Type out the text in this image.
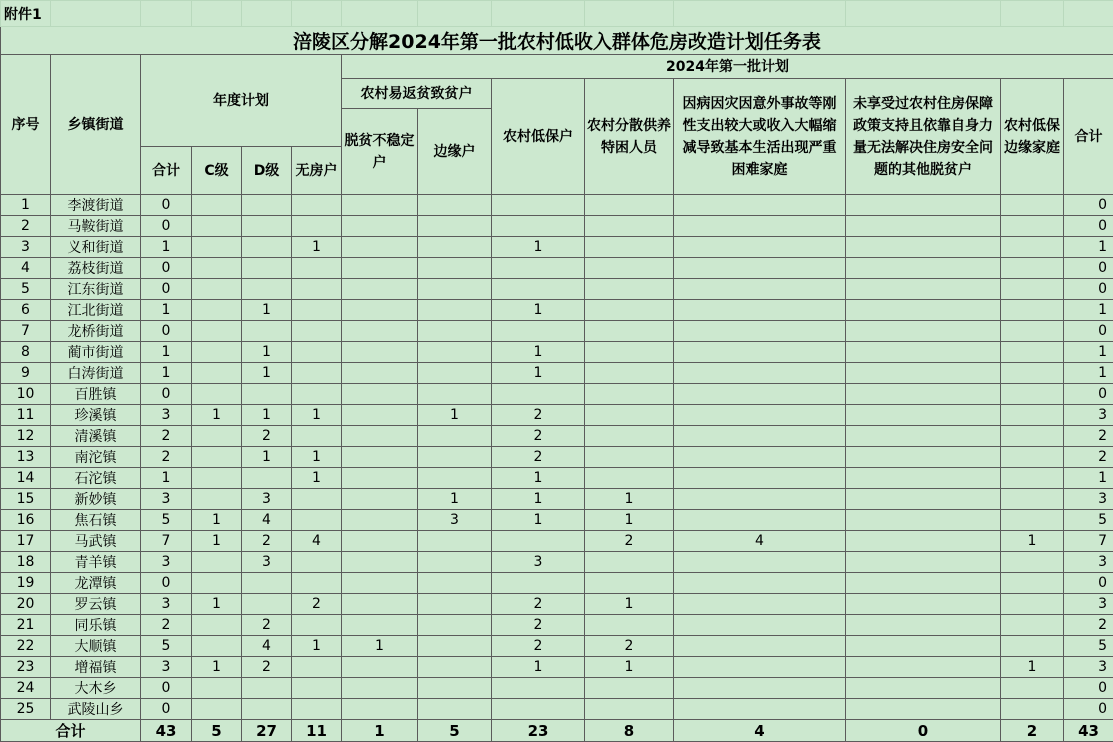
附件1													
涪陵区分解2024年第一批农村低收入群体危房改造计划任务表													
序号	乡镇街道	年度计划				2024年第一批计划							
						农村易返贫致贫户		农村低保户	农村分散供养特困人员	因病因灾因意外事故等刚性支出较大或收入大幅缩减导致基本生活出现严重困难家庭	未享受过农村住房保障政策支持且依靠自身力量无法解决住房安全问题的其他脱贫户	农村低保边缘家庭	合计
						脱贫不稳定户	边缘户						
		合计	C级	D级	无房户								
1	李渡街道	0											0
2	马鞍街道	0											0
3	义和街道	1			1			1					1
4	荔枝街道	0											0
5	江东街道	0											0
6	江北街道	1		1				1					1
7	龙桥街道	0											0
8	蔺市街道	1		1				1					1
9	白涛街道	1		1				1					1
10	百胜镇	0											0
11	珍溪镇	3	1	1	1		1	2					3
12	清溪镇	2		2				2					2
13	南沱镇	2		1	1			2					2
14	石沱镇	1			1			1					1
15	新妙镇	3		3			1	1	1				3
16	焦石镇	5	1	4			3	1	1				5
17	马武镇	7	1	2	4				2	4		1	7
18	青羊镇	3		3				3					3
19	龙潭镇	0											0
20	罗云镇	3	1		2			2	1				3
21	同乐镇	2		2				2					2
22	大顺镇	5		4	1	1		2	2				5
23	增福镇	3	1	2				1	1			1	3
24	大木乡	0											0
25	武陵山乡	0											0
合计		43	5	27	11	1	5	23	8	4	0	2	43
